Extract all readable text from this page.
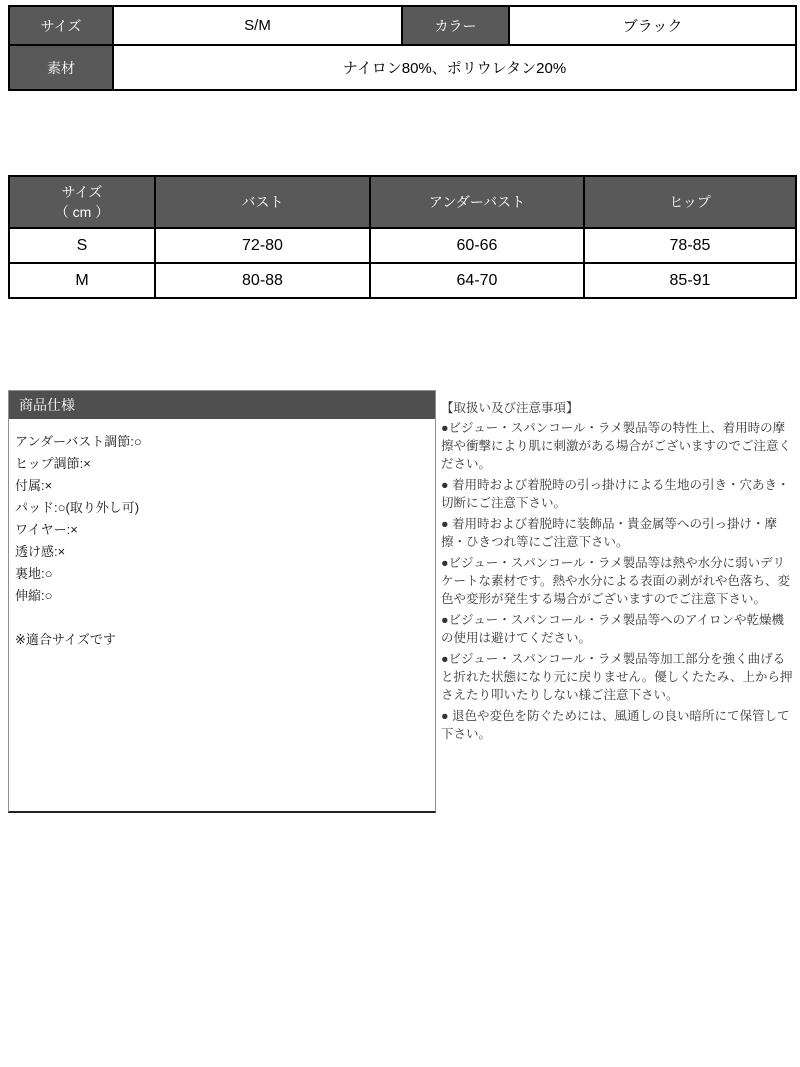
サイズ	S/M	カラー	ブラック
素材	ナイロン80%、ポリウレタン20%		
サイズ
（ cm ）	バスト	アンダーバスト	ヒップ
S	72-80	60-66	78-85
M	80-88	64-70	85-91
商品仕様
アンダーバスト調節:○
ヒップ調節:×
付属:×
パッド:○(取り外し可)
ワイヤー:×
透け感:×
裏地:○
伸縮:○
※適合サイズです
【取扱い及び注意事項】

●ビジュー・スパンコール・ラメ製品等の特性上、着用時の摩擦や衝撃により肌に刺激がある場合がございますのでご注意ください。

● 着用時および着脱時の引っ掛けによる生地の引き・穴あき・切断にご注意下さい。

● 着用時および着脱時に装飾品・貴金属等への引っ掛け・摩擦・ひきつれ等にご注意下さい。

●ビジュー・スパンコール・ラメ製品等は熱や水分に弱いデリケートな素材です。熱や水分による表面の剥がれや色落ち、変色や変形が発生する場合がございますのでご注意下さい。

●ビジュー・スパンコール・ラメ製品等へのアイロンや乾燥機の使用は避けてください。

●ビジュー・スパンコール・ラメ製品等加工部分を強く曲げると折れた状態になり元に戻りません。優しくたたみ、上から押さえたり叩いたりしない様ご注意下さい。

● 退色や変色を防ぐためには、風通しの良い暗所にて保管して下さい。
